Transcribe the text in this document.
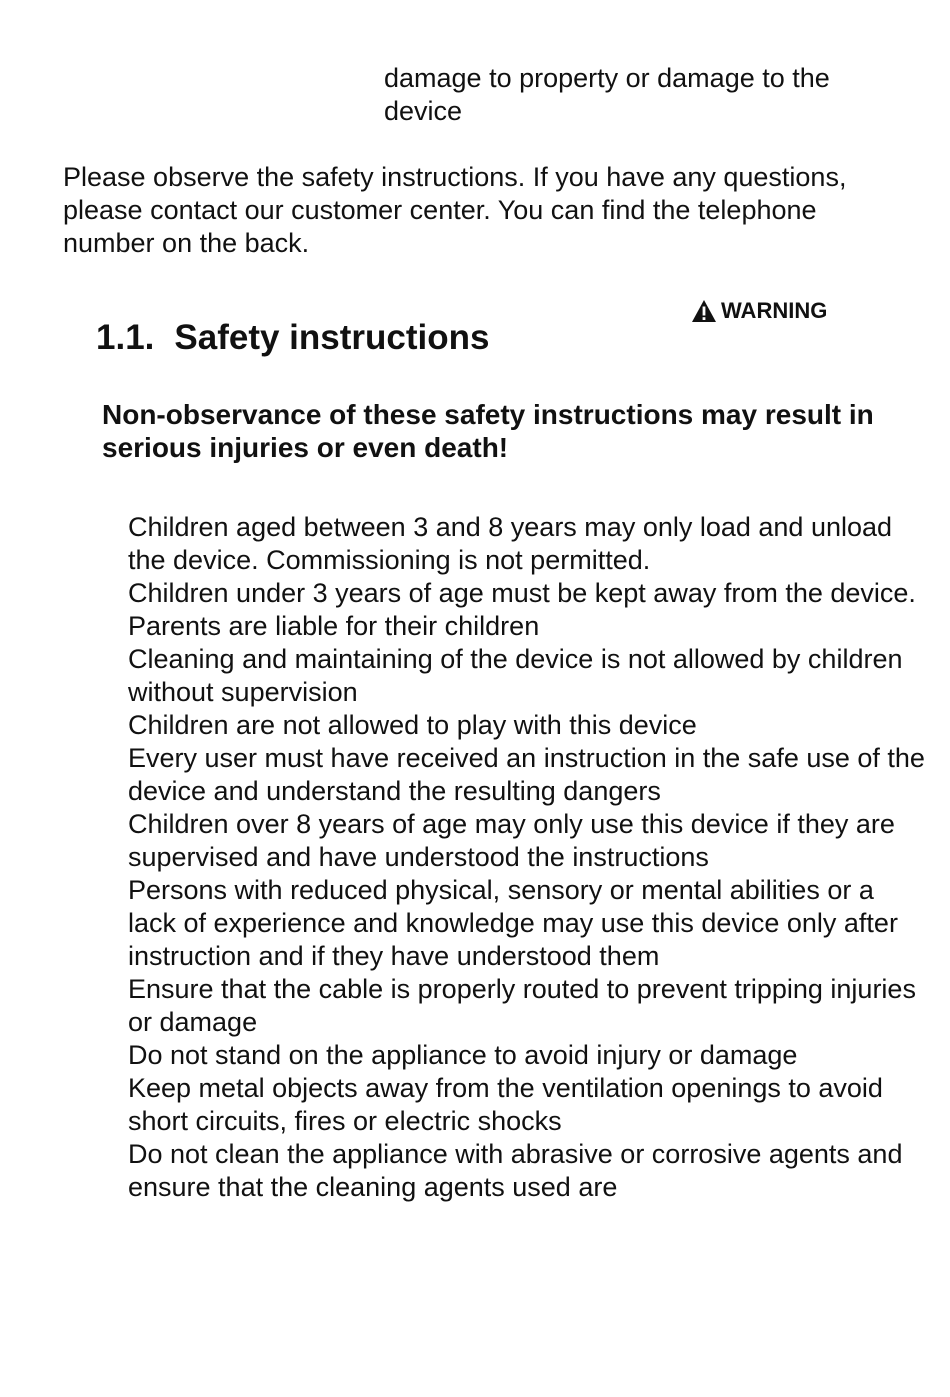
damage to property or damage to the device
Please observe the safety instructions. If you have any questions, please contact our customer center. You can find the telephone number on the back.
WARNING
1.1. Safety instructions
Non-observance of these safety instructions may result in serious injuries or even death!
Children aged between 3 and 8 years may only load and unload the device. Commissioning is not permitted.
Children under 3 years of age must be kept away from the device. Parents are liable for their children
Cleaning and maintaining of the device is not allowed by children without supervision
Children are not allowed to play with this device
Every user must have received an instruction in the safe use of the device and understand the resulting dangers
Children over 8 years of age may only use this device if they are supervised and have understood the instructions
Persons with reduced physical, sensory or mental abilities or a lack of experience and knowledge may use this device only after instruction and if they have understood them
Ensure that the cable is properly routed to prevent tripping injuries or damage
Do not stand on the appliance to avoid injury or damage
Keep metal objects away from the ventilation openings to avoid short circuits, fires or electric shocks
Do not clean the appliance with abrasive or corrosive agents and ensure that the cleaning agents used are
